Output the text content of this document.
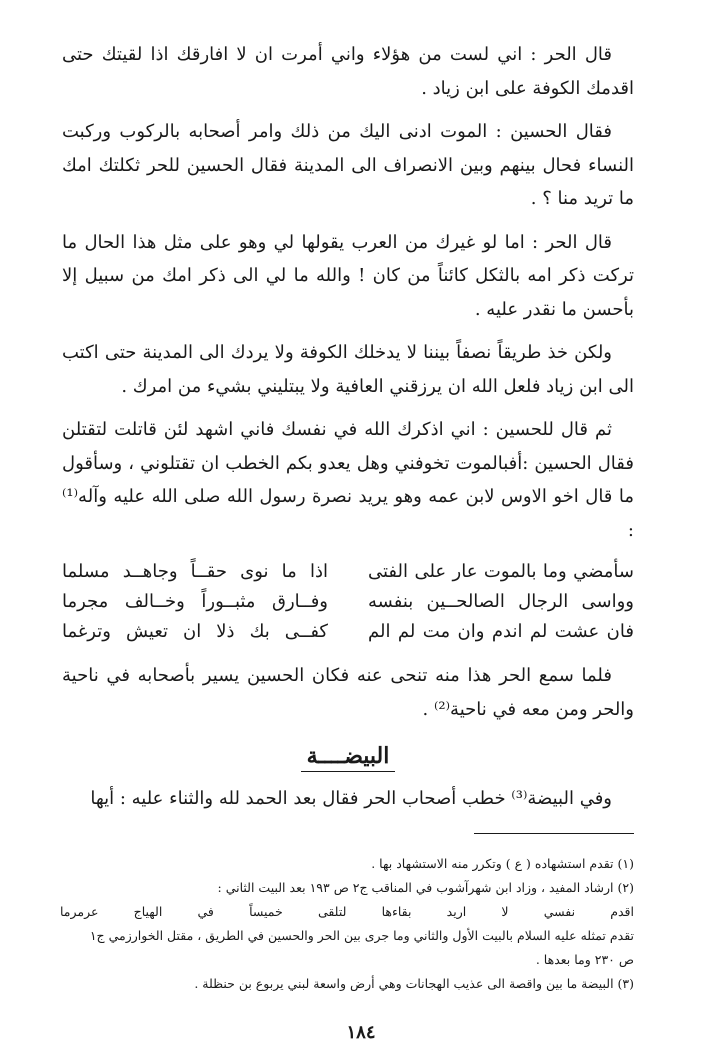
قال الحر : اني لست من هؤلاء واني أمرت ان لا افارقك اذا لقيتك حتى اقدمك الكوفة على ابن زياد .

فقال الحسين : الموت ادنى اليك من ذلك وامر أصحابه بالركوب وركبت النساء فحال بينهم وبين الانصراف الى المدينة فقال الحسين للحر ثكلتك امك ما تريد منا ؟ .

قال الحر : اما لو غيرك من العرب يقولها لي وهو على مثل هذا الحال ما تركت ذكر امه بالثكل كائناً من كان ! والله ما لي الى ذكر امك من سبيل إلا بأحسن ما نقدر عليه .

ولكن خذ طريقاً نصفاً بيننا لا يدخلك الكوفة ولا يردك الى المدينة حتى اكتب الى ابن زياد فلعل الله ان يرزقني العافية ولا يبتليني بشيء من امرك .

ثم قال للحسين : اني اذكرك الله في نفسك فاني اشهد لئن قاتلت لتقتلن فقال الحسين :أفبالموت تخوفني وهل يعدو بكم الخطب ان تقتلوني ، وسأقول ما قال اخو الاوس لابن عمه وهو يريد نصرة رسول الله صلى الله عليه وآله⁽¹⁾ :

سأمضي وما بالموت عار على الفتى
اذا ما نوى حقــاً وجاهــد مسلما
وواسى الرجال الصالحــين بنفسه
وفــارق مثبــوراً وخــالف مجرما
فان عشت لم اندم وان مت لم الم
كفــى بك ذلا ان تعيش وترغما

فلما سمع الحر هذا منه تنحى عنه فكان الحسين يسير بأصحابه في ناحية والحر ومن معه في ناحية⁽²⁾ .

البيضــــة

وفي البيضة⁽³⁾ خطب أصحاب الحر فقال بعد الحمد لله والثناء عليه : أيها

(١) تقدم استشهاده ( ع ) وتكرر منه الاستشهاد بها .

(٢) ارشاد المفيد ، وزاد ابن شهرآشوب في المناقب ج٢ ص ١٩٣ بعد البيت الثاني :

اقدم نفسي لا اريد بقاءها لتلقى خميساً في الهياج عرمرما

تقدم تمثله عليه السلام بالبيت الأول والثاني وما جرى بين الحر والحسين في الطريق ، مقتل الخوارزمي ج١

ص ٢٣٠ وما بعدها .

(٣) البيضة ما بين واقصة الى عذيب الهجانات وهي أرض واسعة لبني يربوع بن حنظلة .

١٨٤
